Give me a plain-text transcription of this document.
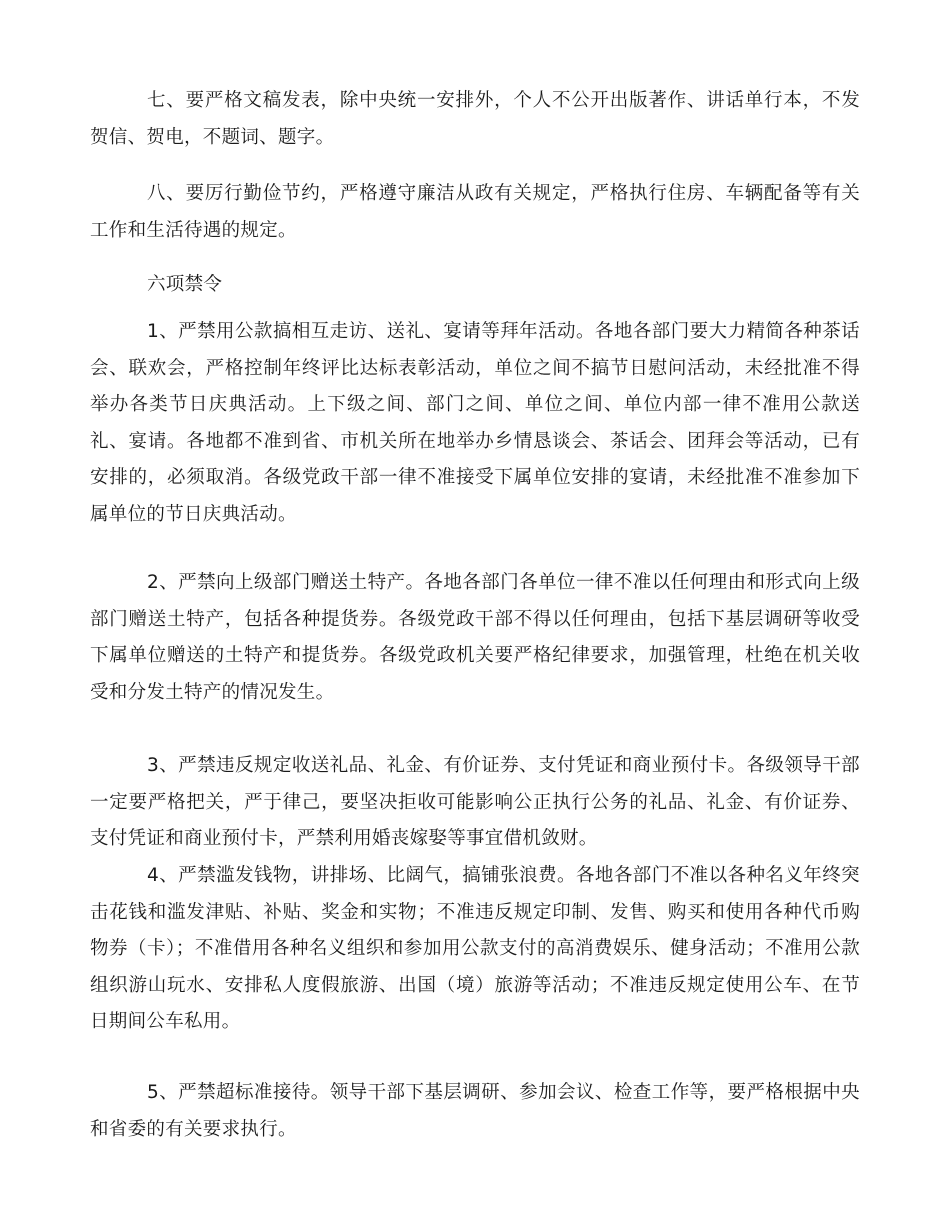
七、要严格文稿发表，除中央统一安排外，个人不公开出版著作、讲话单行本，不发贺信、贺电，不题词、题字。

八、要厉行勤俭节约，严格遵守廉洁从政有关规定，严格执行住房、车辆配备等有关工作和生活待遇的规定。

六项禁令

1、严禁用公款搞相互走访、送礼、宴请等拜年活动。各地各部门要大力精简各种茶话会、联欢会，严格控制年终评比达标表彰活动，单位之间不搞节日慰问活动，未经批准不得举办各类节日庆典活动。上下级之间、部门之间、单位之间、单位内部一律不准用公款送礼、宴请。各地都不准到省、市机关所在地举办乡情恳谈会、茶话会、团拜会等活动，已有安排的，必须取消。各级党政干部一律不准接受下属单位安排的宴请，未经批准不准参加下属单位的节日庆典活动。

2、严禁向上级部门赠送土特产。各地各部门各单位一律不准以任何理由和形式向上级部门赠送土特产，包括各种提货券。各级党政干部不得以任何理由，包括下基层调研等收受下属单位赠送的土特产和提货券。各级党政机关要严格纪律要求，加强管理，杜绝在机关收受和分发土特产的情况发生。

3、严禁违反规定收送礼品、礼金、有价证券、支付凭证和商业预付卡。各级领导干部一定要严格把关，严于律己，要坚决拒收可能影响公正执行公务的礼品、礼金、有价证券、支付凭证和商业预付卡，严禁利用婚丧嫁娶等事宜借机敛财。

4、严禁滥发钱物，讲排场、比阔气，搞铺张浪费。各地各部门不准以各种名义年终突击花钱和滥发津贴、补贴、奖金和实物；不准违反规定印制、发售、购买和使用各种代币购物券（卡）；不准借用各种名义组织和参加用公款支付的高消费娱乐、健身活动；不准用公款组织游山玩水、安排私人度假旅游、出国（境）旅游等活动；不准违反规定使用公车、在节日期间公车私用。

5、严禁超标准接待。领导干部下基层调研、参加会议、检查工作等，要严格根据中央和省委的有关要求执行。
